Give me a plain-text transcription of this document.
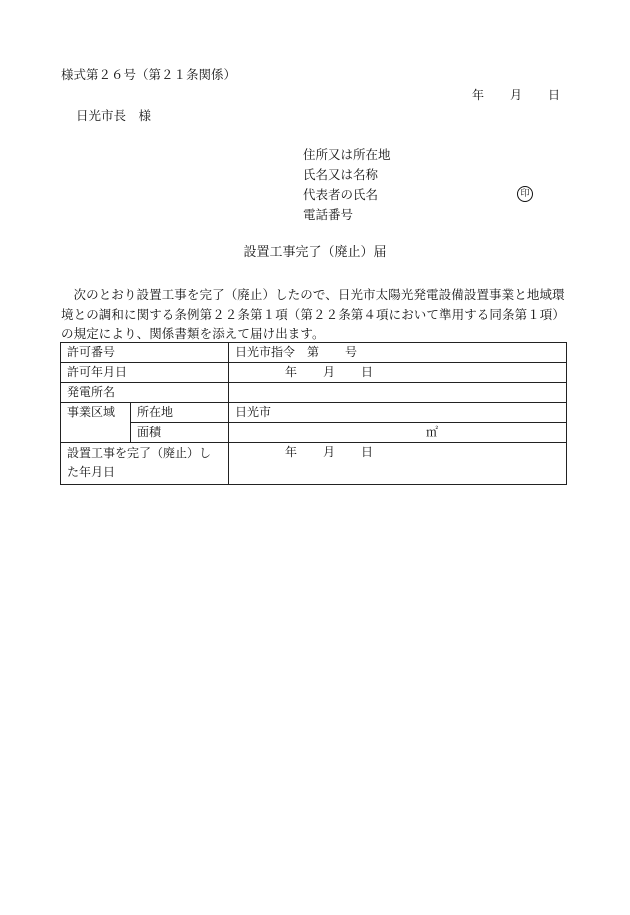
様式第２６号（第２１条関係）
年 月 日
日光市長　様
住所又は所在地
氏名又は名称
代表者の氏名	印
電話番号
設置工事完了（廃止）届
次のとおり設置工事を完了（廃止）したので、日光市太陽光発電設備設置事業と地域環境との調和に関する条例第２２条第１項（第２２条第４項において準用する同条第１項）の規定により、関係書類を添えて届け出ます。
許可番号		日光市指令 第 号
許可年月日		年 月 日
発電所名		
事業区域	所在地	日光市
	面積	㎡
設置工事を完了（廃止）した年月日		年 月 日
